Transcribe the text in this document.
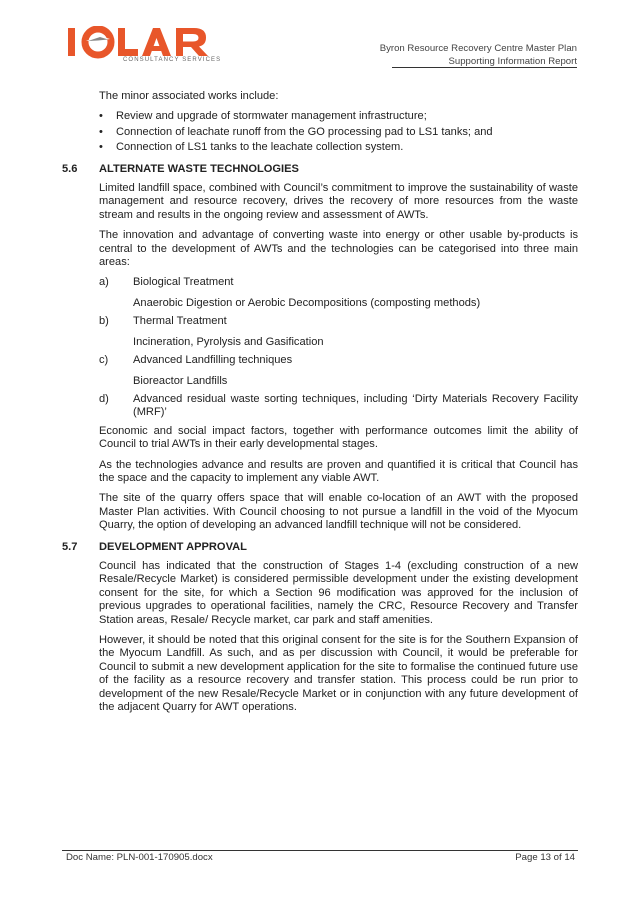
CONSULTANCY SERVICES
Byron Resource Recovery Centre Master Plan
Supporting Information Report

The minor associated works include:

• Review and upgrade of stormwater management infrastructure;
• Connection of leachate runoff from the GO processing pad to LS1 tanks; and
• Connection of LS1 tanks to the leachate collection system.
5.6	ALTERNATE WASTE TECHNOLOGIES

Limited landfill space, combined with Council’s commitment to improve the sustainability of waste management and resource recovery, drives the recovery of more resources from the waste stream and results in the ongoing review and assessment of AWTs.

The innovation and advantage of converting waste into energy or other usable by-products is central to the development of AWTs and the technologies can be categorised into three main areas:

a)	Biological Treatment
Anaerobic Digestion or Aerobic Decompositions (composting methods)
b)	Thermal Treatment
Incineration, Pyrolysis and Gasification
c)	Advanced Landfilling techniques
Bioreactor Landfills
d)	Advanced residual waste sorting techniques, including ‘Dirty Materials Recovery Facility (MRF)’

Economic and social impact factors, together with performance outcomes limit the ability of Council to trial AWTs in their early developmental stages.

As the technologies advance and results are proven and quantified it is critical that Council has the space and the capacity to implement any viable AWT.

The site of the quarry offers space that will enable co-location of an AWT with the proposed Master Plan activities. With Council choosing to not pursue a landfill in the void of the Myocum Quarry, the option of developing an advanced landfill technique will not be considered.

5.7	DEVELOPMENT APPROVAL

Council has indicated that the construction of Stages 1-4 (excluding construction of a new Resale/Recycle Market) is considered permissible development under the existing development consent for the site, for which a Section 96 modification was approved for the inclusion of previous upgrades to operational facilities, namely the CRC, Resource Recovery and Transfer Station areas, Resale/ Recycle market, car park and staff amenities.

However, it should be noted that this original consent for the site is for the Southern Expansion of the Myocum Landfill. As such, and as per discussion with Council, it would be preferable for Council to submit a new development application for the site to formalise the continued future use of the facility as a resource recovery and transfer station. This process could be run prior to development of the new Resale/Recycle Market or in conjunction with any future development of the adjacent Quarry for AWT operations.

Doc Name: PLN-001-170905.docx	Page 13 of 14
